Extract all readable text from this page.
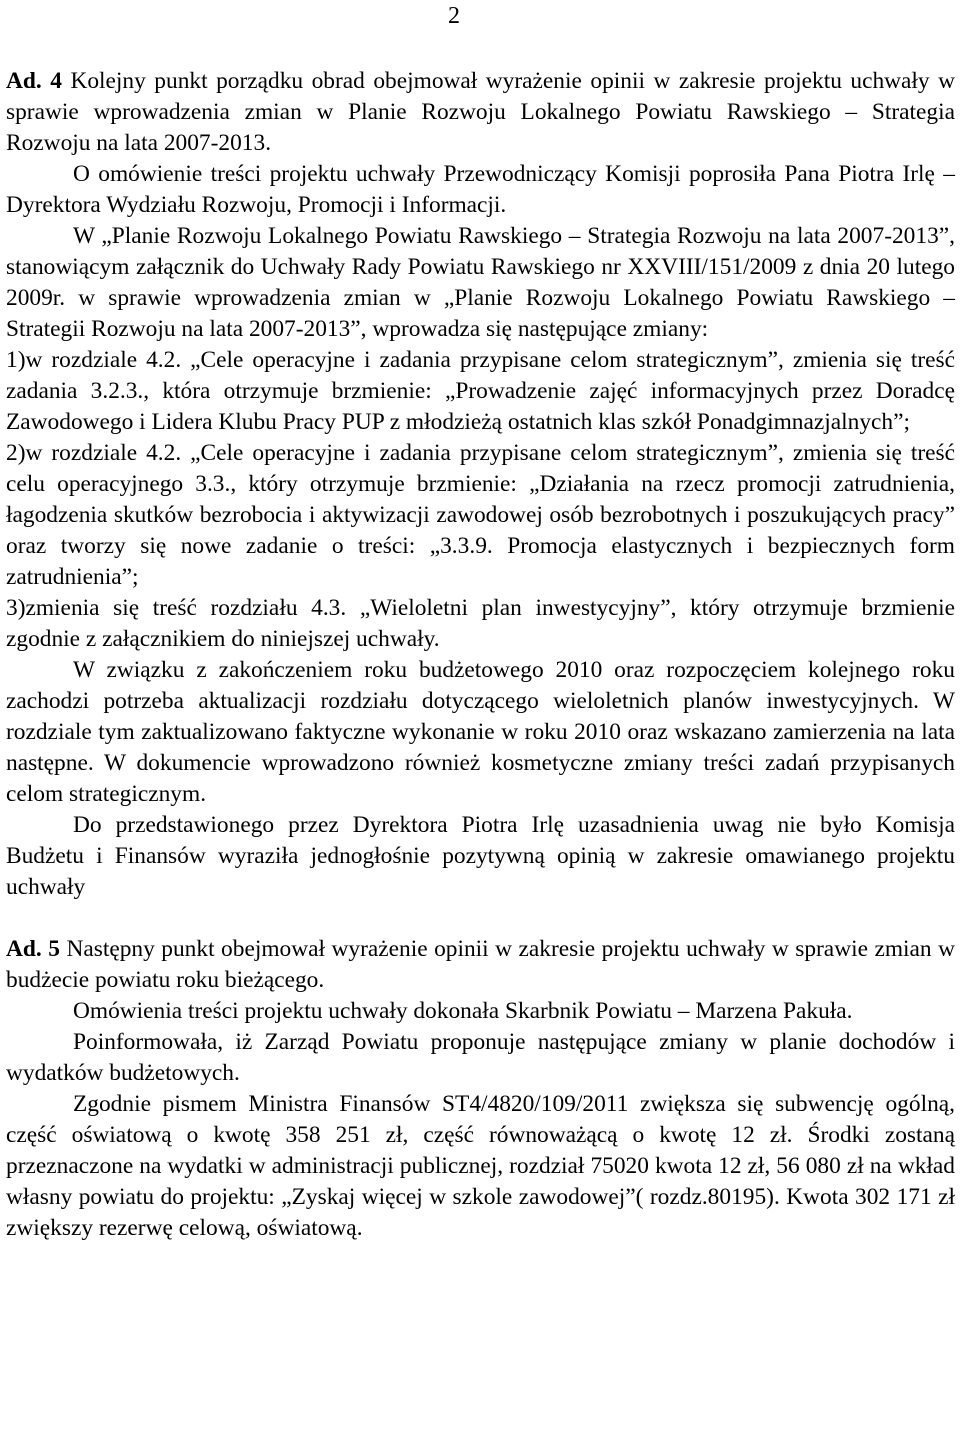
2

Ad. 4 Kolejny punkt porządku obrad obejmował wyrażenie opinii w zakresie projektu uchwały w sprawie wprowadzenia zmian w Planie Rozwoju Lokalnego Powiatu Rawskiego – Strategia Rozwoju na lata 2007-2013.

O omówienie treści projektu uchwały Przewodniczący Komisji poprosiła Pana Piotra Irlę – Dyrektora Wydziału Rozwoju, Promocji i Informacji.

W „Planie Rozwoju Lokalnego Powiatu Rawskiego – Strategia Rozwoju na lata 2007-2013”, stanowiącym załącznik do Uchwały Rady Powiatu Rawskiego nr XXVIII/151/2009 z dnia 20 lutego 2009r. w sprawie wprowadzenia zmian w „Planie Rozwoju Lokalnego Powiatu Rawskiego – Strategii Rozwoju na lata 2007-2013”, wprowadza się następujące zmiany:

1)w rozdziale 4.2. „Cele operacyjne i zadania przypisane celom strategicznym”, zmienia się treść zadania 3.2.3., która otrzymuje brzmienie: „Prowadzenie zajęć informacyjnych przez Doradcę Zawodowego i Lidera Klubu Pracy PUP z młodzieżą ostatnich klas szkół Ponadgimnazjalnych”;

2)w rozdziale 4.2. „Cele operacyjne i zadania przypisane celom strategicznym”, zmienia się treść celu operacyjnego 3.3., który otrzymuje brzmienie: „Działania na rzecz promocji zatrudnienia, łagodzenia skutków bezrobocia i aktywizacji zawodowej osób bezrobotnych i poszukujących pracy” oraz tworzy się nowe zadanie o treści: „3.3.9. Promocja elastycznych i bezpiecznych form zatrudnienia”;

3)zmienia się treść rozdziału 4.3. „Wieloletni plan inwestycyjny”, który otrzymuje brzmienie zgodnie z załącznikiem do niniejszej uchwały.

W związku z zakończeniem roku budżetowego 2010 oraz rozpoczęciem kolejnego roku zachodzi potrzeba aktualizacji rozdziału dotyczącego wieloletnich planów inwestycyjnych. W rozdziale tym zaktualizowano faktyczne wykonanie w roku 2010 oraz wskazano zamierzenia na lata następne. W dokumencie wprowadzono również kosmetyczne zmiany treści zadań przypisanych celom strategicznym.

Do przedstawionego przez Dyrektora Piotra Irlę uzasadnienia uwag nie było Komisja Budżetu i Finansów wyraziła jednogłośnie pozytywną opinią w zakresie omawianego projektu uchwały

Ad. 5 Następny punkt obejmował wyrażenie opinii w zakresie projektu uchwały w sprawie zmian w budżecie powiatu roku bieżącego.

Omówienia treści projektu uchwały dokonała Skarbnik Powiatu – Marzena Pakuła.

Poinformowała, iż Zarząd Powiatu proponuje następujące zmiany w planie dochodów i wydatków budżetowych.

Zgodnie pismem Ministra Finansów ST4/4820/109/2011 zwiększa się subwencję ogólną, część oświatową o kwotę 358 251 zł, część równoważącą o kwotę 12 zł. Środki zostaną przeznaczone na wydatki w administracji publicznej, rozdział 75020 kwota 12 zł, 56 080 zł na wkład własny powiatu do projektu: „Zyskaj więcej w szkole zawodowej”( rozdz.80195). Kwota 302 171 zł zwiększy rezerwę celową, oświatową.
